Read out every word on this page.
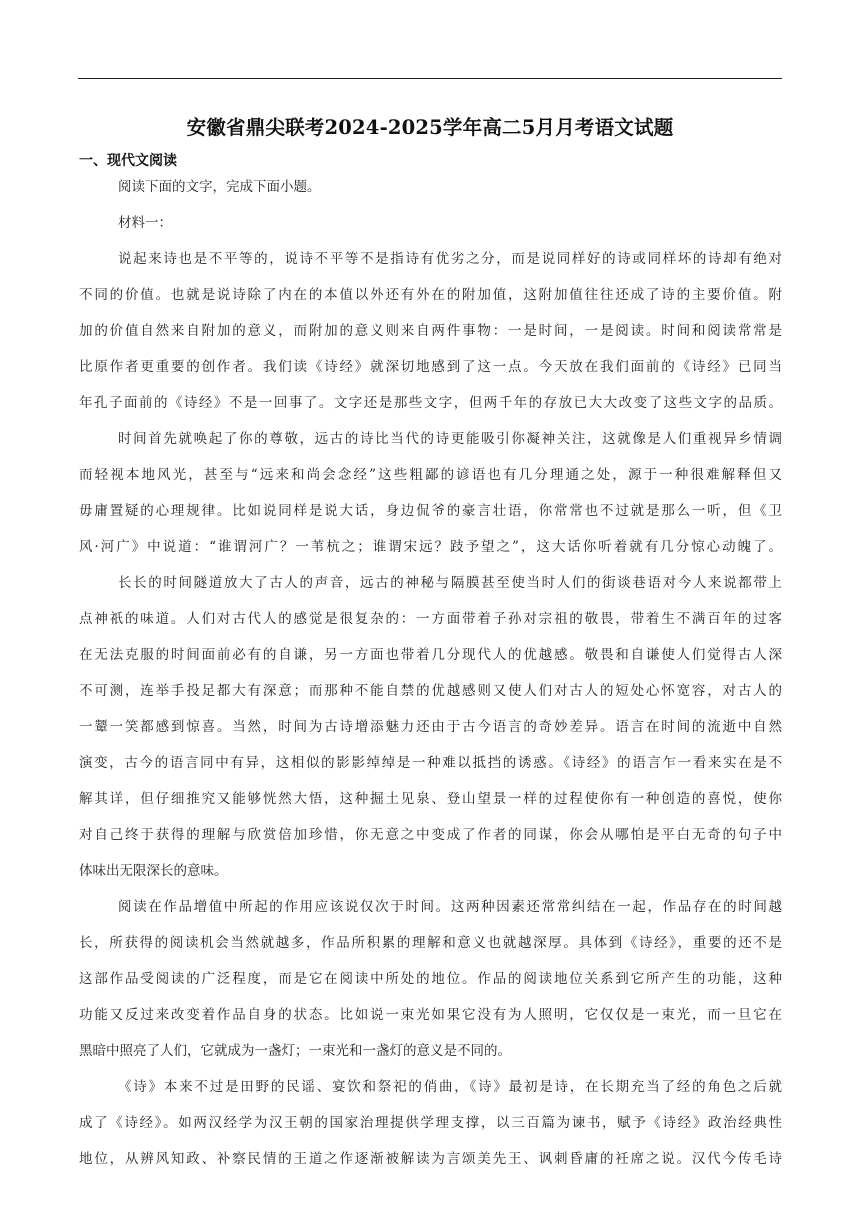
安徽省鼎尖联考2024-2025学年高二5月月考语文试题
一、现代文阅读
阅读下面的文字，完成下面小题。
材料一：
说起来诗也是不平等的，说诗不平等不是指诗有优劣之分，而是说同样好的诗或同样坏的诗却有绝对
不同的价值。也就是说诗除了内在的本值以外还有外在的附加值，这附加值往往还成了诗的主要价值。附
加的价值自然来自附加的意义，而附加的意义则来自两件事物：一是时间，一是阅读。时间和阅读常常是
比原作者更重要的创作者。我们读《诗经》就深切地感到了这一点。今天放在我们面前的《诗经》已同当
年孔子面前的《诗经》不是一回事了。文字还是那些文字，但两千年的存放已大大改变了这些文字的品质。
时间首先就唤起了你的尊敬，远古的诗比当代的诗更能吸引你凝神关注，这就像是人们重视异乡情调
而轻视本地风光，甚至与“远来和尚会念经”这些粗鄙的谚语也有几分理通之处，源于一种很难解释但又
毋庸置疑的心理规律。比如说同样是说大话，身边侃爷的豪言壮语，你常常也不过就是那么一听，但《卫
风·河广》中说道：“谁谓河广？一苇杭之；谁谓宋远？跂予望之”，这大话你听着就有几分惊心动魄了。
长长的时间隧道放大了古人的声音，远古的神秘与隔膜甚至使当时人们的街谈巷语对今人来说都带上
点神祇的味道。人们对古代人的感觉是很复杂的：一方面带着子孙对宗祖的敬畏，带着生不满百年的过客
在无法克服的时间面前必有的自谦，另一方面也带着几分现代人的优越感。敬畏和自谦使人们觉得古人深
不可测，连举手投足都大有深意；而那种不能自禁的优越感则又使人们对古人的短处心怀宽容，对古人的
一颦一笑都感到惊喜。当然，时间为古诗增添魅力还由于古今语言的奇妙差异。语言在时间的流逝中自然
演变，古今的语言同中有异，这相似的影影绰绰是一种难以抵挡的诱惑。《诗经》的语言乍一看来实在是不
解其详，但仔细推究又能够恍然大悟，这种掘土见泉、登山望景一样的过程使你有一种创造的喜悦，使你
对自己终于获得的理解与欣赏倍加珍惜，你无意之中变成了作者的同谋，你会从哪怕是平白无奇的句子中
体味出无限深长的意味。
阅读在作品增值中所起的作用应该说仅次于时间。这两种因素还常常纠结在一起，作品存在的时间越
长，所获得的阅读机会当然就越多，作品所积累的理解和意义也就越深厚。具体到《诗经》，重要的还不是
这部作品受阅读的广泛程度，而是它在阅读中所处的地位。作品的阅读地位关系到它所产生的功能，这种
功能又反过来改变着作品自身的状态。比如说一束光如果它没有为人照明，它仅仅是一束光，而一旦它在
黑暗中照亮了人们，它就成为一盏灯；一束光和一盏灯的意义是不同的。
《诗》本来不过是田野的民谣、宴饮和祭祀的俏曲，《诗》最初是诗，在长期充当了经的角色之后就
成了《诗经》。如两汉经学为汉王朝的国家治理提供学理支撑，以三百篇为谏书，赋予《诗经》政治经典性
地位，从辨风知政、补察民情的王道之作逐渐被解读为言颂美先王、讽刺昏庸的衽席之说。汉代今传毛诗
